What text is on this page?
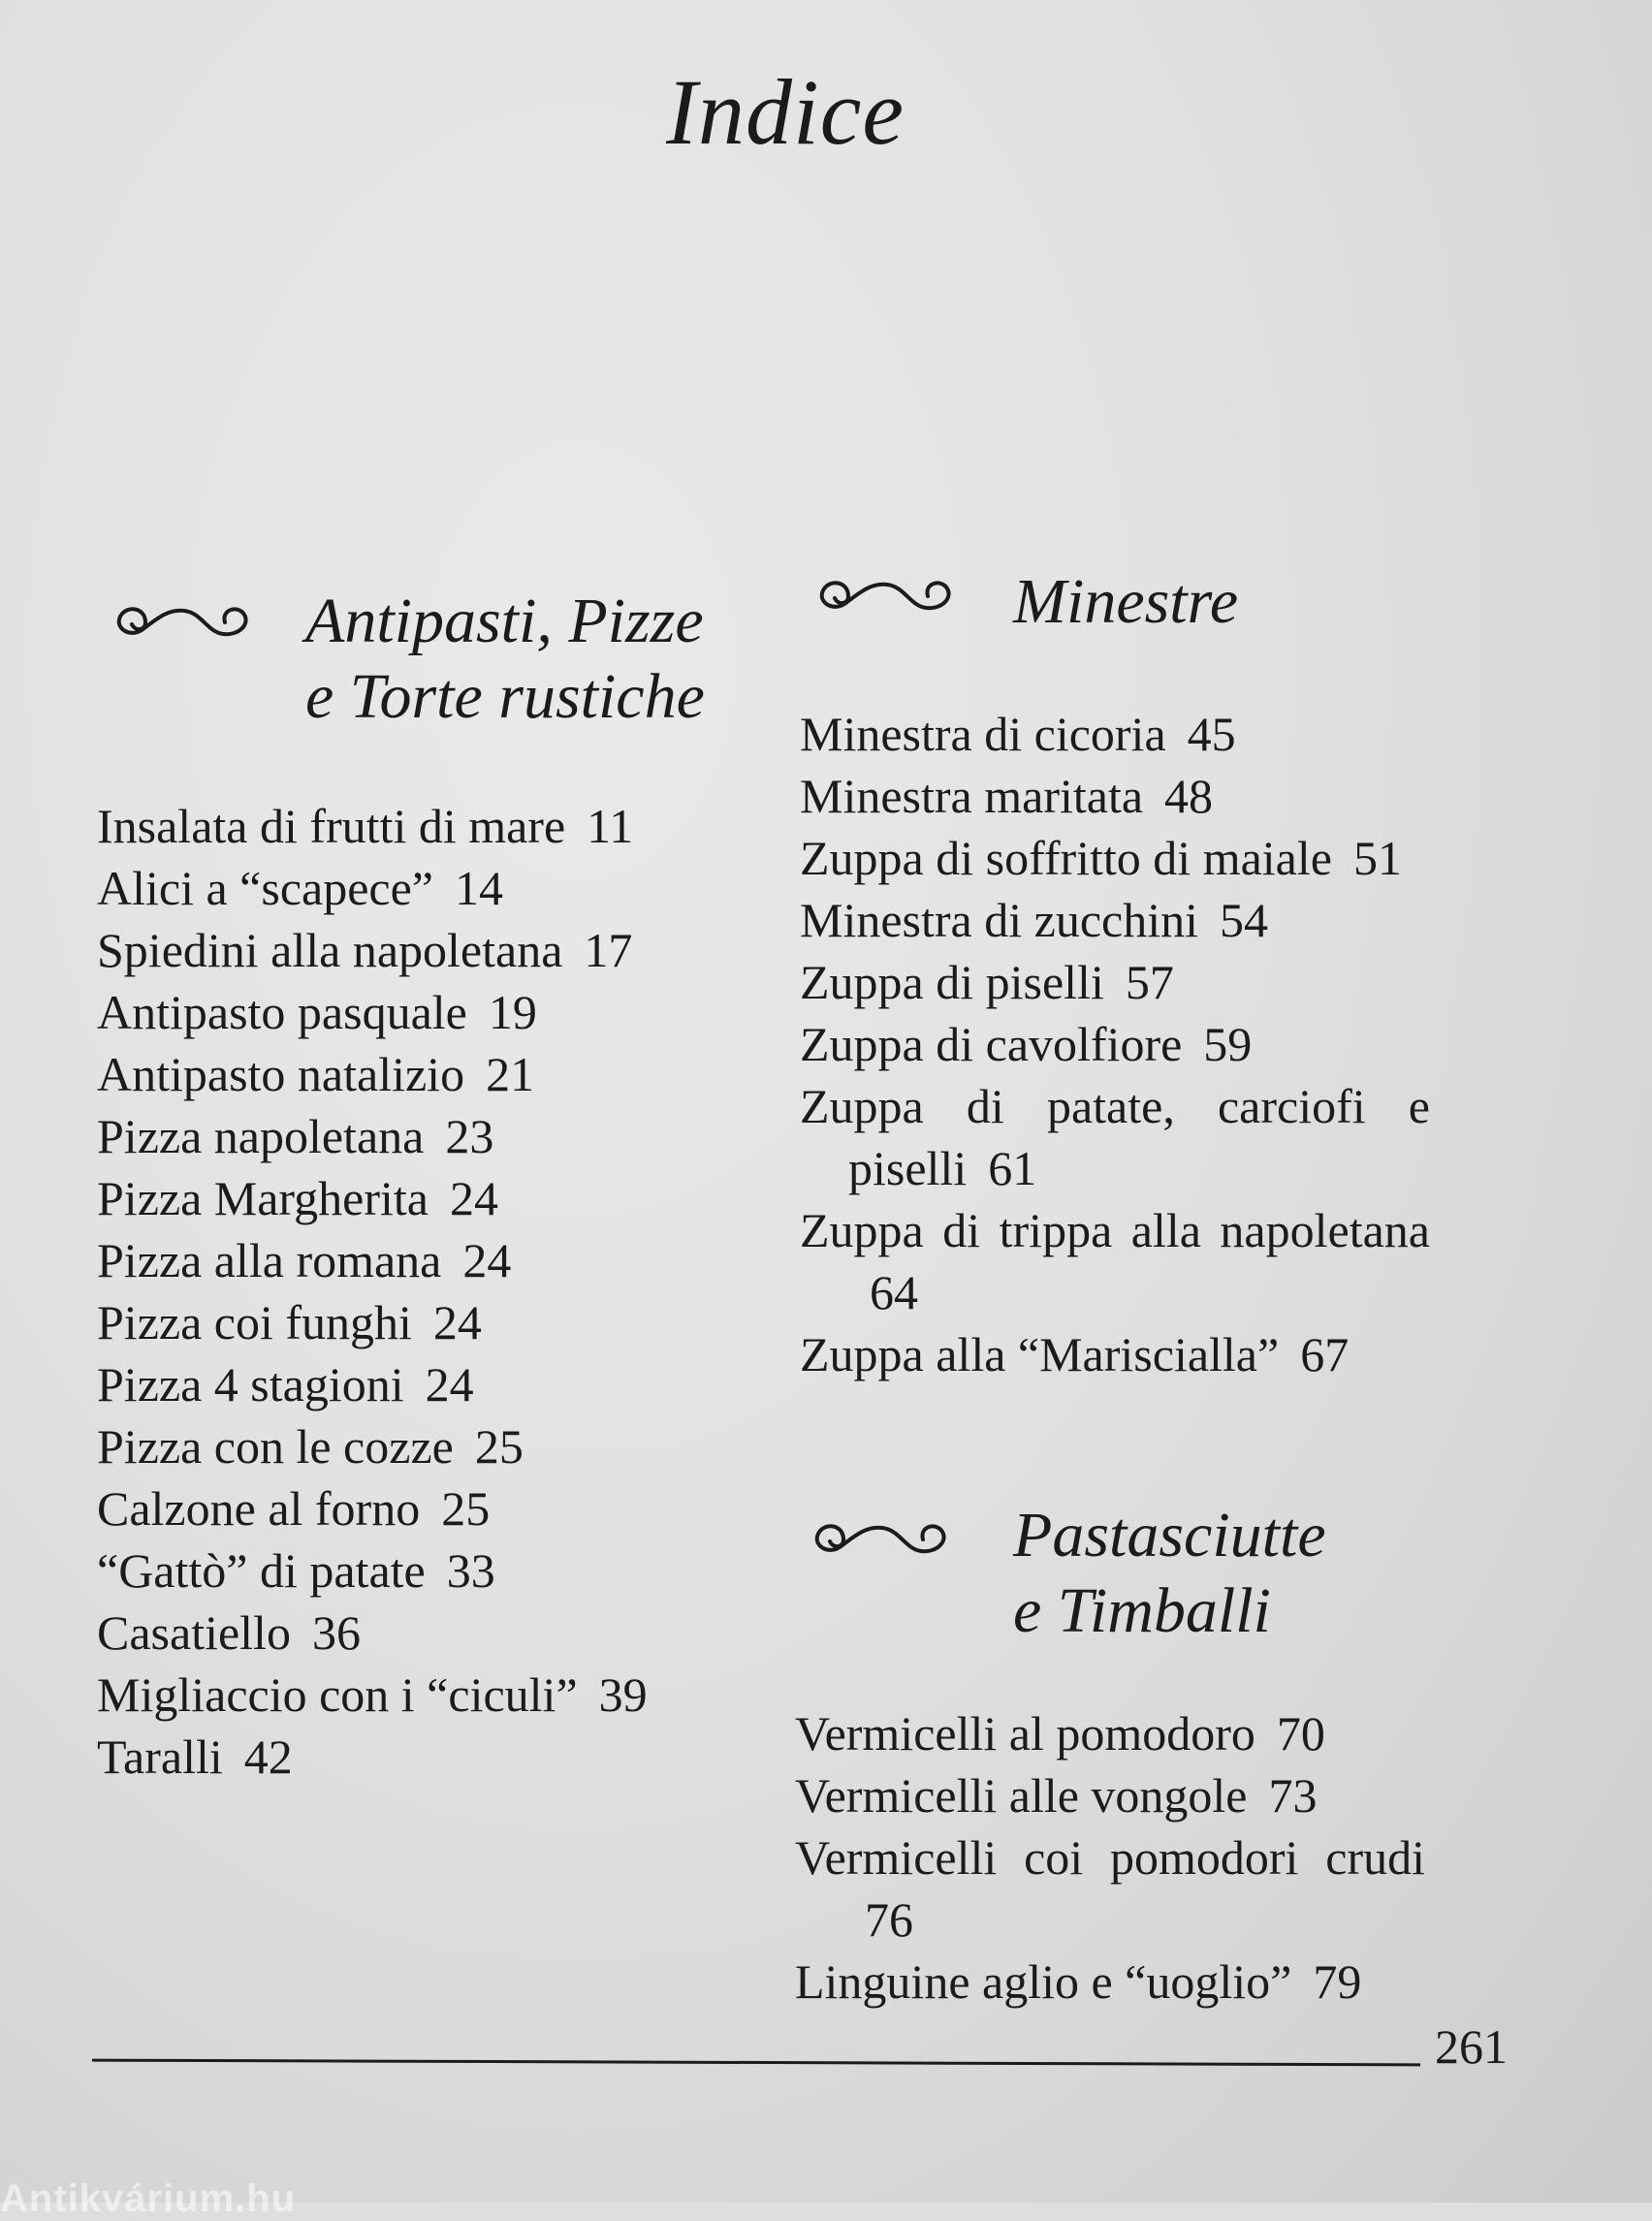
Indice
Antipasti, Pizze
e Torte rustiche
Insalata di frutti di mare 11
Alici a “scapece” 14
Spiedini alla napoletana 17
Antipasto pasquale 19
Antipasto natalizio 21
Pizza napoletana 23
Pizza Margherita 24
Pizza alla romana 24
Pizza coi funghi 24
Pizza 4 stagioni 24
Pizza con le cozze 25
Calzone al forno 25
“Gattò” di patate 33
Casatiello 36
Migliaccio con i “ciculi” 39
Taralli 42
Minestre
Minestra di cicoria 45
Minestra maritata 48
Zuppa di soffritto di maiale 51
Minestra di zucchini 54
Zuppa di piselli 57
Zuppa di cavolfiore 59
Zuppa di patate, carciofi e piselli 61
Zuppa di trippa alla napoletana 64
Zuppa alla “Marisciallа” 67
Pastasciutte
e Timballi
Vermicelli al pomodoro 70
Vermicelli alle vongole 73
Vermicelli coi pomodori crudi 76
Linguine aglio e “uoglio” 79
261
Antikvárium.hu
